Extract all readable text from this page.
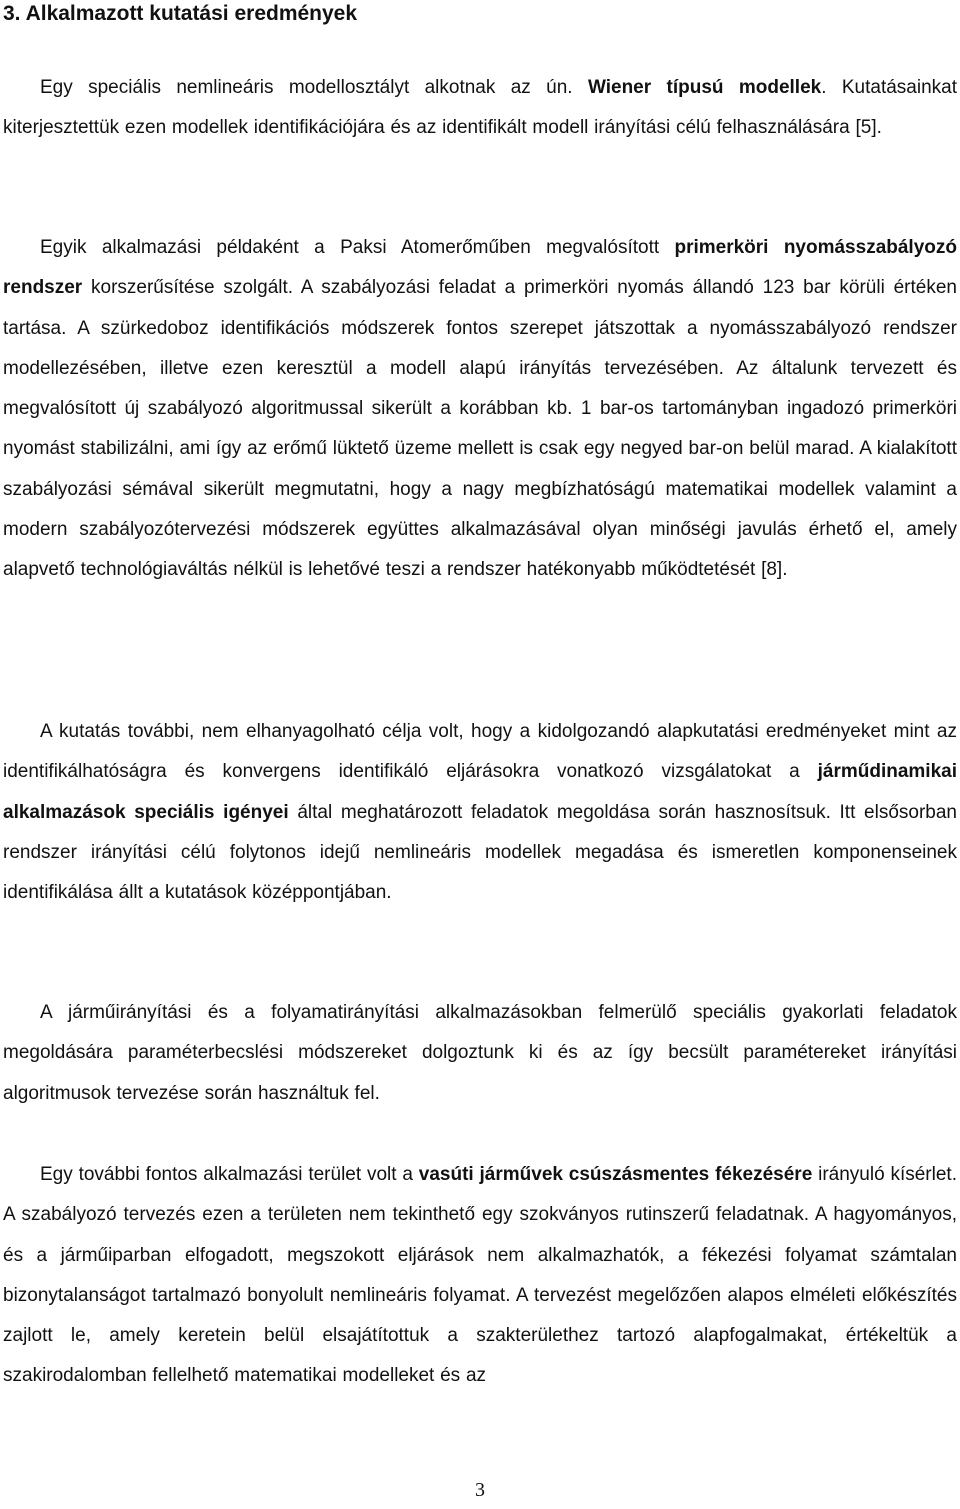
3. Alkalmazott kutatási eredmények

Egy speciális nemlineáris modellosztályt alkotnak az ún. Wiener típusú modellek. Kutatásainkat kiterjesztettük ezen modellek identifikációjára és az identifikált modell irányítási célú felhasználására [5].

Egyik alkalmazási példaként a Paksi Atomerőműben megvalósított primerköri nyomásszabályozó rendszer korszerűsítése szolgált. A szabályozási feladat a primerköri nyomás állandó 123 bar körüli értéken tartása. A szürkedoboz identifikációs módszerek fontos szerepet játszottak a nyomásszabályozó rendszer modellezésében, illetve ezen keresztül a modell alapú irányítás tervezésében. Az általunk tervezett és megvalósított új szabályozó algoritmussal sikerült a korábban kb. 1 bar-os tartományban ingadozó primerköri nyomást stabilizálni, ami így az erőmű lüktető üzeme mellett is csak egy negyed bar-on belül marad. A kialakított szabályozási sémával sikerült megmutatni, hogy a nagy megbízhatóságú matematikai modellek valamint a modern szabályozótervezési módszerek együttes alkalmazásával olyan minőségi javulás érhető el, amely alapvető technológiaváltás nélkül is lehetővé teszi a rendszer hatékonyabb működtetését [8].

A kutatás további, nem elhanyagolható célja volt, hogy a kidolgozandó alapkutatási eredményeket mint az identifikálhatóságra és konvergens identifikáló eljárásokra vonatkozó vizsgálatokat a járműdinamikai alkalmazások speciális igényei által meghatározott feladatok megoldása során hasznosítsuk. Itt elsősorban rendszer irányítási célú folytonos idejű nemlineáris modellek megadása és ismeretlen komponenseinek identifikálása állt a kutatások középpontjában.

A járműirányítási és a folyamatirányítási alkalmazásokban felmerülő speciális gyakorlati feladatok megoldására paraméterbecslési módszereket dolgoztunk ki és az így becsült paramétereket irányítási algoritmusok tervezése során használtuk fel.

Egy további fontos alkalmazási terület volt a vasúti járművek csúszásmentes fékezésére irányuló kísérlet. A szabályozó tervezés ezen a területen nem tekinthető egy szokványos rutinszerű feladatnak. A hagyományos, és a járműiparban elfogadott, megszokott eljárások nem alkalmazhatók, a fékezési folyamat számtalan bizonytalanságot tartalmazó bonyolult nemlineáris folyamat. A tervezést megelőzően alapos elméleti előkészítés zajlott le, amely keretein belül elsajátítottuk a szakterülethez tartozó alapfogalmakat, értékeltük a szakirodalomban fellelhető matematikai modelleket és az

3
